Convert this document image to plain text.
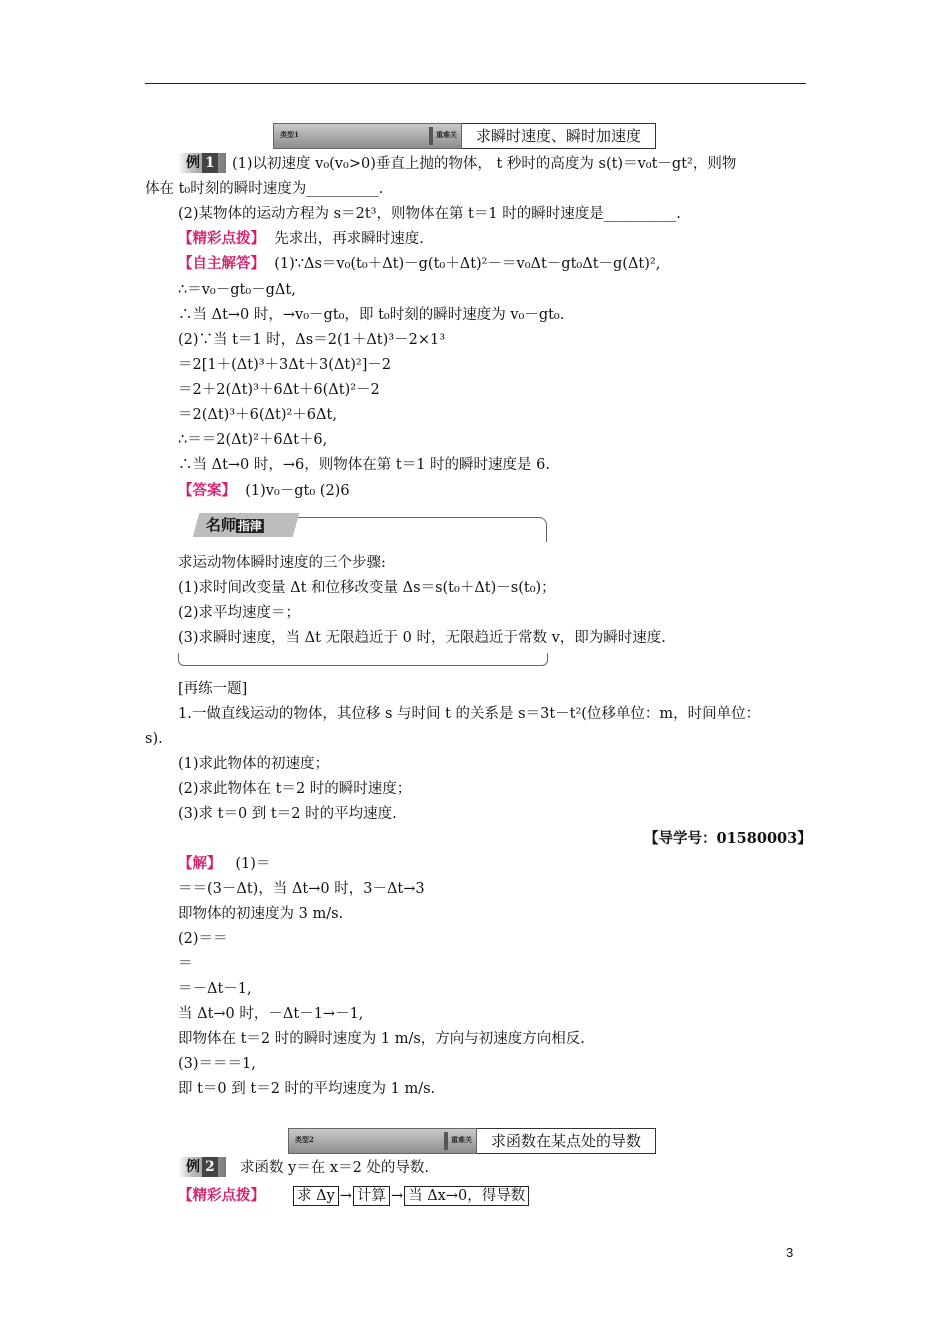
类型1	重难关	求瞬时速度、瞬时加速度
例 1	(1)以初速度 v₀(v₀>0)垂直上抛的物体， t 秒时的高度为 s(t)＝v₀t－gt²，则物
体在 t₀时刻的瞬时速度为__________.
(2)某物体的运动方程为 s＝2t³，则物体在第 t＝1 时的瞬时速度是__________.
【精彩点拨】 先求出，再求瞬时速度.
【自主解答】 (1)∵Δs＝v₀(t₀＋Δt)－g(t₀＋Δt)²－＝v₀Δt－gt₀Δt－g(Δt)²,
∴＝v₀－gt₀－gΔt,
∴当 Δt→0 时，→v₀－gt₀，即 t₀时刻的瞬时速度为 v₀－gt₀.
(2)∵当 t＝1 时，Δs＝2(1＋Δt)³－2×1³
＝2[1＋(Δt)³＋3Δt＋3(Δt)²]－2
＝2＋2(Δt)³＋6Δt＋6(Δt)²－2
＝2(Δt)³＋6(Δt)²＋6Δt,
∴＝＝2(Δt)²＋6Δt＋6,
∴当 Δt→0 时，→6，则物体在第 t＝1 时的瞬时速度是 6.
【答案】 (1)v₀－gt₀ (2)6
名师 指津
求运动物体瞬时速度的三个步骤:
(1)求时间改变量 Δt 和位移改变量 Δs＝s(t₀＋Δt)－s(t₀)；
(2)求平均速度＝；
(3)求瞬时速度，当 Δt 无限趋近于 0 时，无限趋近于常数 v，即为瞬时速度.
[再练一题]
1.一做直线运动的物体，其位移 s 与时间 t 的关系是 s＝3t－t²(位移单位：m，时间单位：
s).
(1)求此物体的初速度；
(2)求此物体在 t＝2 时的瞬时速度；
(3)求 t＝0 到 t＝2 时的平均速度.
【导学号：01580003】
【解】 (1)＝
＝＝(3－Δt)，当 Δt→0 时，3－Δt→3
即物体的初速度为 3 m/s.
(2)＝＝
＝
＝－Δt－1,
当 Δt→0 时，－Δt－1→－1,
即物体在 t＝2 时的瞬时速度为 1 m/s，方向与初速度方向相反.
(3)＝＝＝1,
即 t＝0 到 t＝2 时的平均速度为 1 m/s.
类型2	重难关	求函数在某点处的导数
例 2	求函数 y＝在 x＝2 处的导数.
【精彩点拨】 求 Δy → 计算 → 当 Δx→0，得导数
3
